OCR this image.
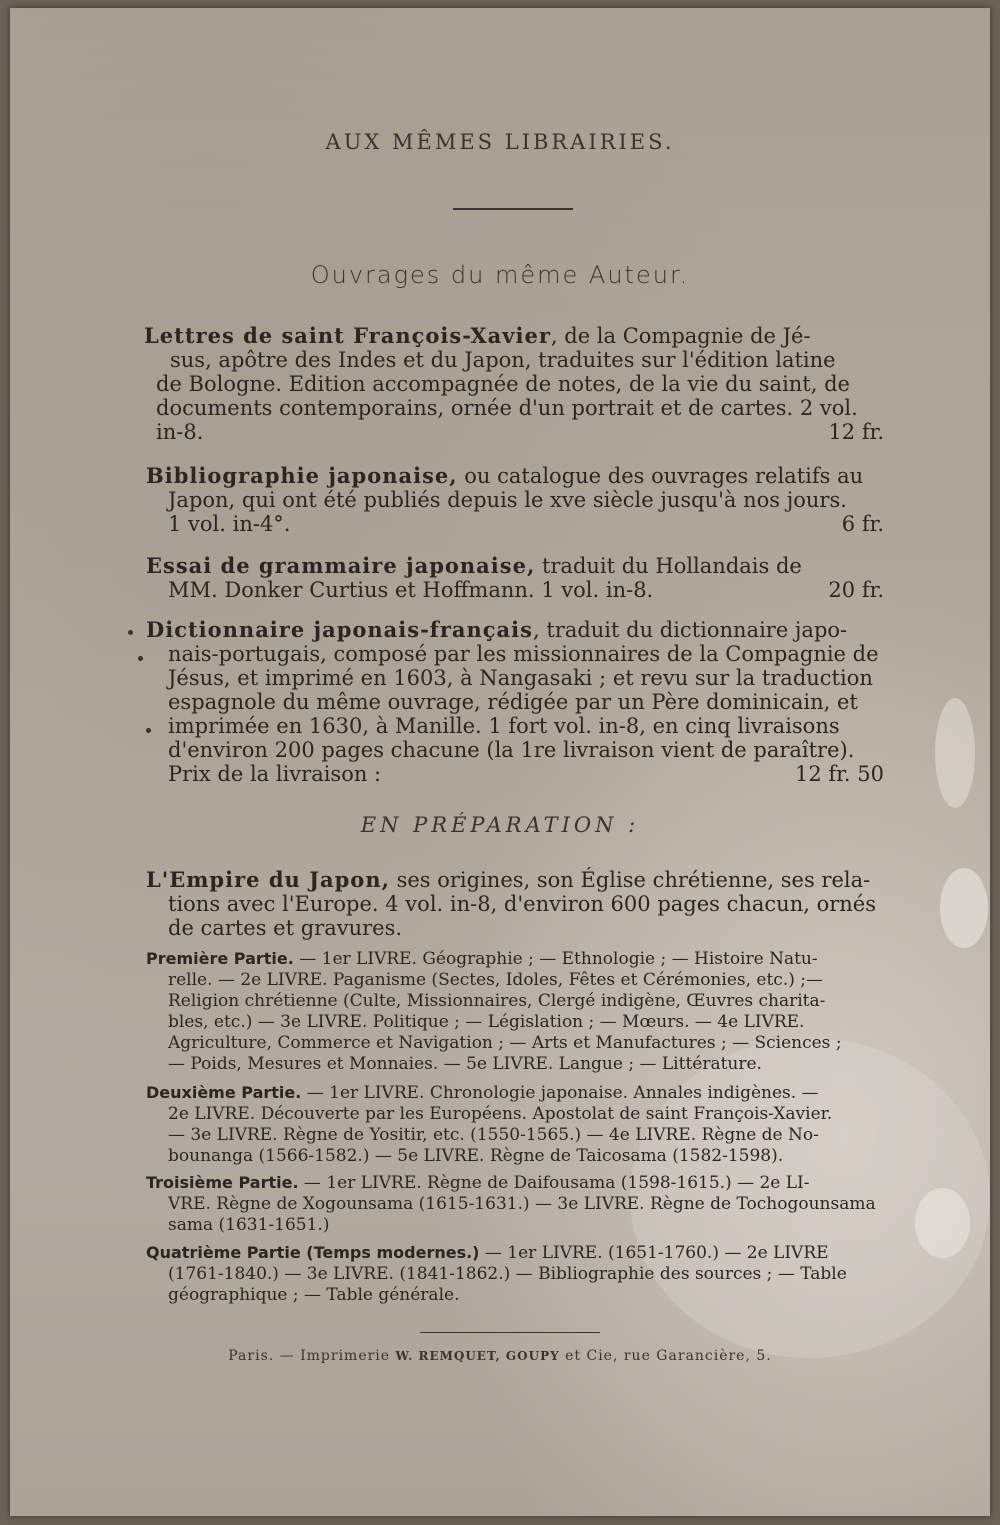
AUX MÊMES LIBRAIRIES.
Ouvrages du même Auteur.
Lettres de saint François-Xavier, de la Compagnie de Jé-
sus, apôtre des Indes et du Japon, traduites sur l'édition latine
de Bologne. Edition accompagnée de notes, de la vie du saint, de
documents contemporains, ornée d'un portrait et de cartes. 2 vol.
in-8.	12 fr.
Bibliographie japonaise, ou catalogue des ouvrages relatifs au
Japon, qui ont été publiés depuis le xve siècle jusqu'à nos jours.
1 vol. in-4°.	6 fr.
Essai de grammaire japonaise, traduit du Hollandais de
MM. Donker Curtius et Hoffmann. 1 vol. in-8.	20 fr.
Dictionnaire japonais-français, traduit du dictionnaire japo-
nais-portugais, composé par les missionnaires de la Compagnie de
Jésus, et imprimé en 1603, à Nangasaki ; et revu sur la traduction
espagnole du même ouvrage, rédigée par un Père dominicain, et
imprimée en 1630, à Manille. 1 fort vol. in-8, en cinq livraisons
d'environ 200 pages chacune (la 1re livraison vient de paraître).
Prix de la livraison :	12 fr. 50
EN PRÉPARATION :
L'Empire du Japon, ses origines, son Église chrétienne, ses rela-
tions avec l'Europe. 4 vol. in-8, d'environ 600 pages chacun, ornés
de cartes et gravures.
Première Partie. — 1er LIVRE. Géographie ; — Ethnologie ; — Histoire Natu-
relle. — 2e LIVRE. Paganisme (Sectes, Idoles, Fêtes et Cérémonies, etc.) ;—
Religion chrétienne (Culte, Missionnaires, Clergé indigène, Œuvres charita-
bles, etc.) — 3e LIVRE. Politique ; — Législation ; — Mœurs. — 4e LIVRE.
Agriculture, Commerce et Navigation ; — Arts et Manufactures ; — Sciences ;
— Poids, Mesures et Monnaies. — 5e LIVRE. Langue ; — Littérature.
Deuxième Partie. — 1er LIVRE. Chronologie japonaise. Annales indigènes. —
2e LIVRE. Découverte par les Européens. Apostolat de saint François-Xavier.
— 3e LIVRE. Règne de Yositir, etc. (1550-1565.) — 4e LIVRE. Règne de No-
bounanga (1566-1582.) — 5e LIVRE. Règne de Taicosama (1582-1598).
Troisième Partie. — 1er LIVRE. Règne de Daifousama (1598-1615.) — 2e LI-
VRE. Règne de Xogounsama (1615-1631.) — 3e LIVRE. Règne de Tochogounsama
sama (1631-1651.)
Quatrième Partie (Temps modernes.) — 1er LIVRE. (1651-1760.) — 2e LIVRE
(1761-1840.) — 3e LIVRE. (1841-1862.) — Bibliographie des sources ; — Table
géographique ; — Table générale.
Paris. — Imprimerie W. REMQUET, GOUPY et Cie, rue Garancière, 5.
